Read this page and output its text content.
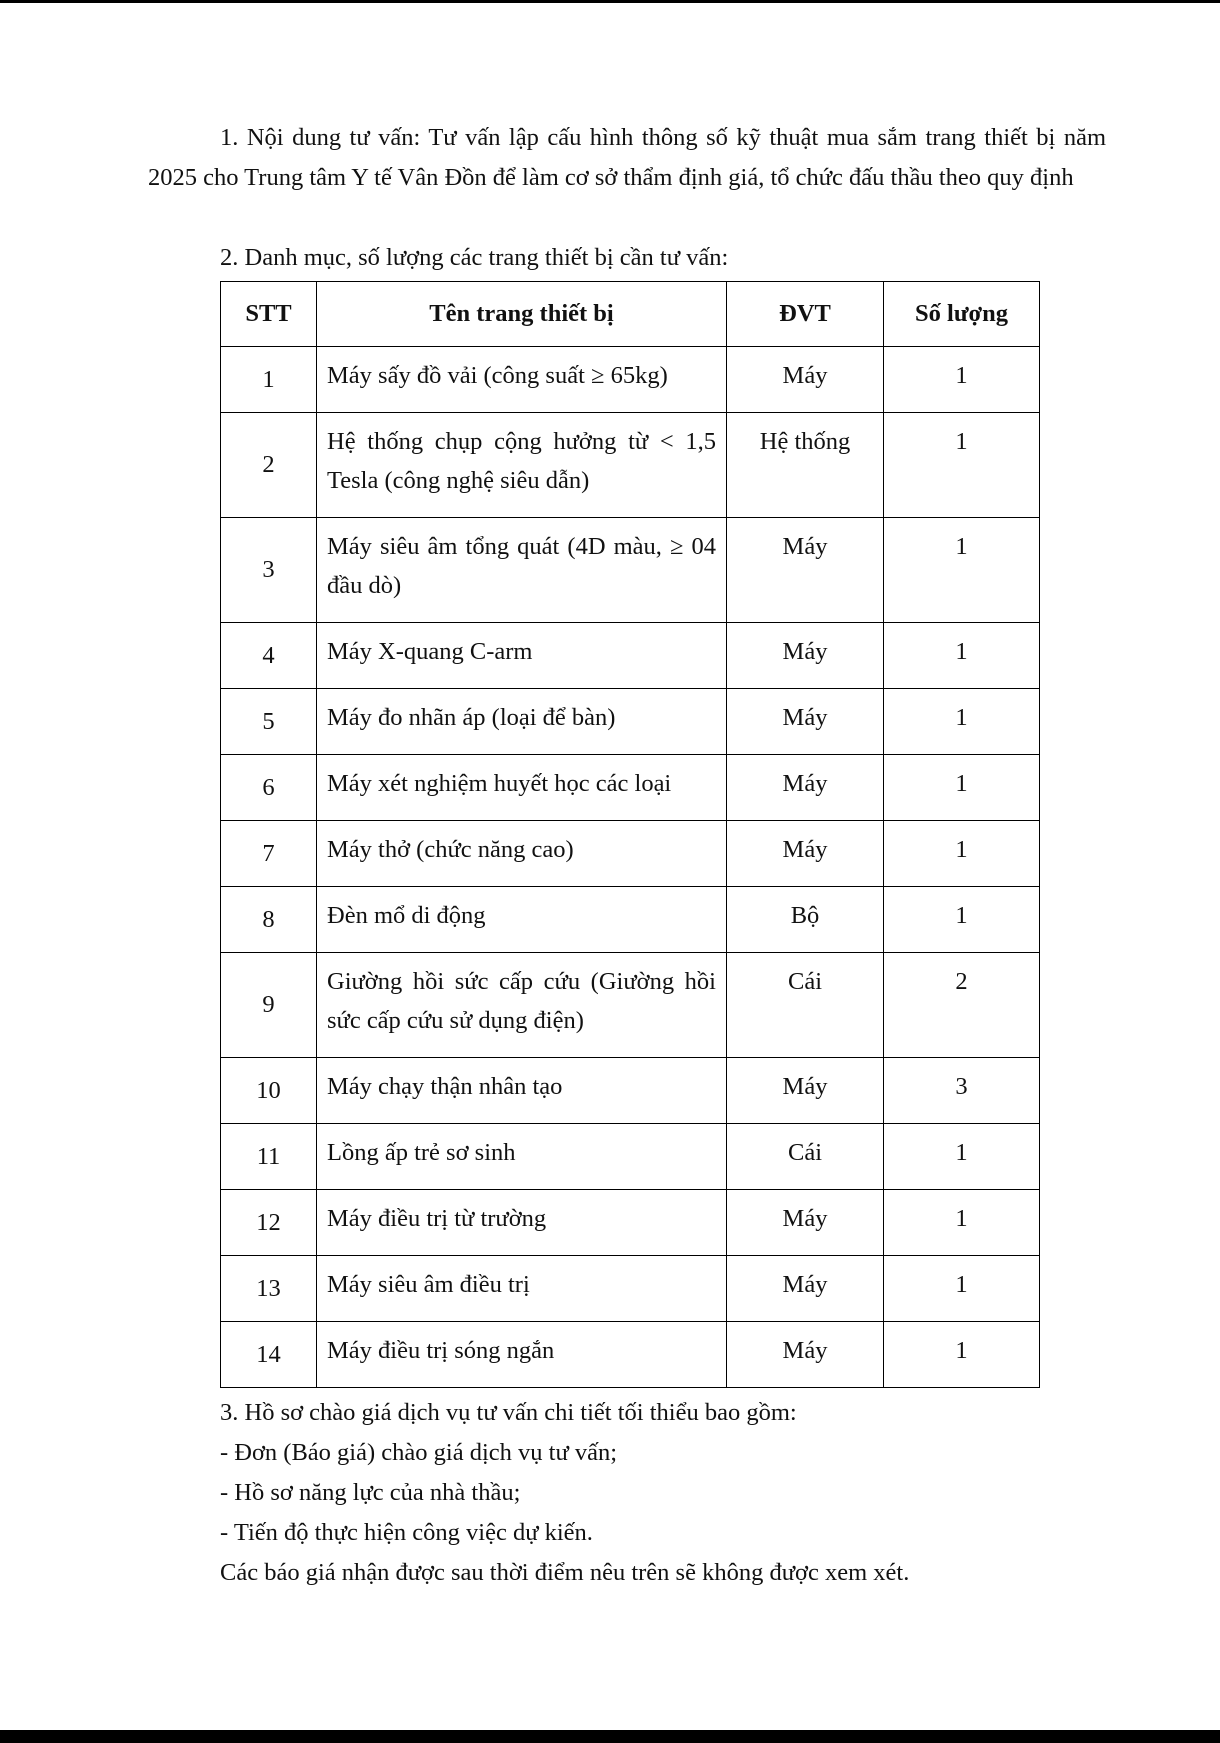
1. Nội dung tư vấn: Tư vấn lập cấu hình thông số kỹ thuật mua sắm trang thiết bị năm 2025 cho Trung tâm Y tế Vân Đồn để làm cơ sở thẩm định giá, tổ chức đấu thầu theo quy định

2. Danh mục, số lượng các trang thiết bị cần tư vấn:

STT	Tên trang thiết bị	ĐVT	Số lượng
1	Máy sấy đồ vải (công suất ≥ 65kg)	Máy	1
2	Hệ thống chụp cộng hưởng từ < 1,5 Tesla (công nghệ siêu dẫn)	Hệ thống	1
3	Máy siêu âm tổng quát (4D màu, ≥ 04 đầu dò)	Máy	1
4	Máy X-quang C-arm	Máy	1
5	Máy đo nhãn áp (loại để bàn)	Máy	1
6	Máy xét nghiệm huyết học các loại	Máy	1
7	Máy thở (chức năng cao)	Máy	1
8	Đèn mổ di động	Bộ	1
9	Giường hồi sức cấp cứu (Giường hồi sức cấp cứu sử dụng điện)	Cái	2
10	Máy chạy thận nhân tạo	Máy	3
11	Lồng ấp trẻ sơ sinh	Cái	1
12	Máy điều trị từ trường	Máy	1
13	Máy siêu âm điều trị	Máy	1
14	Máy điều trị sóng ngắn	Máy	1
3. Hồ sơ chào giá dịch vụ tư vấn chi tiết tối thiểu bao gồm:
- Đơn (Báo giá) chào giá dịch vụ tư vấn;
- Hồ sơ năng lực của nhà thầu;
- Tiến độ thực hiện công việc dự kiến.
Các báo giá nhận được sau thời điểm nêu trên sẽ không được xem xét.
